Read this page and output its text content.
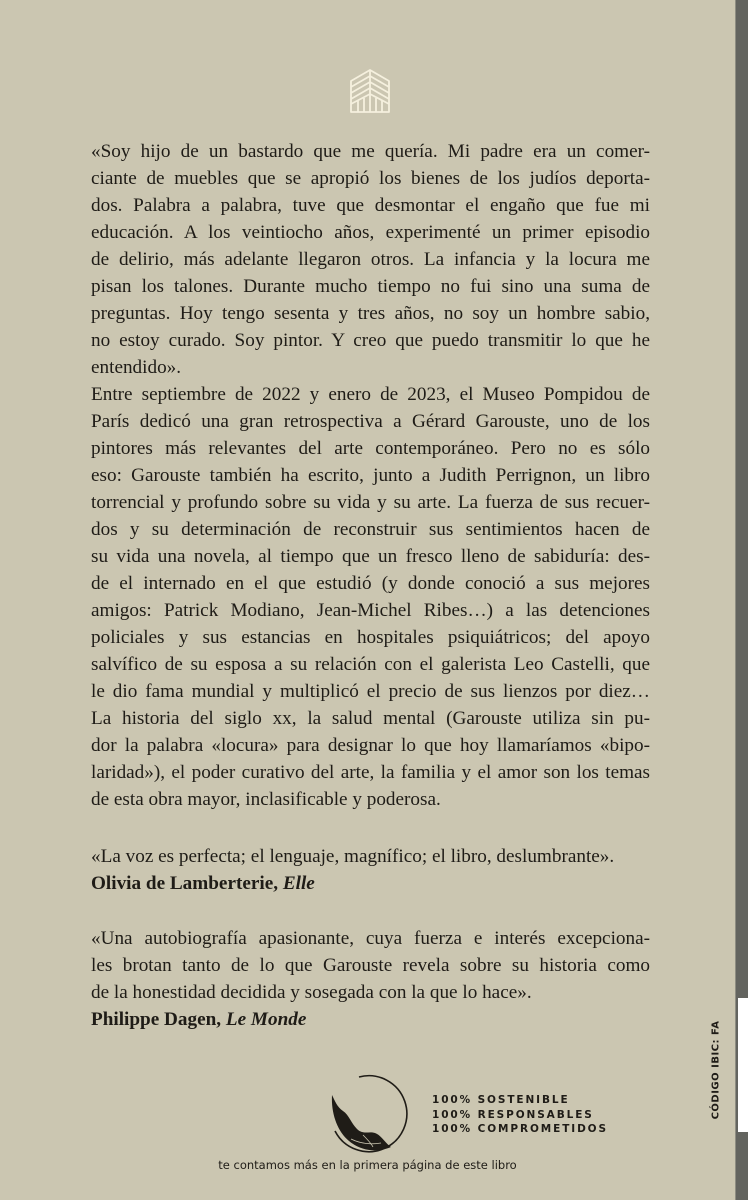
«Soy hijo de un bastardo que me quería. Mi padre era un comer-
ciante de muebles que se apropió los bienes de los judíos deporta-
dos. Palabra a palabra, tuve que desmontar el engaño que fue mi
educación. A los veintiocho años, experimenté un primer episodio
de delirio, más adelante llegaron otros. La infancia y la locura me
pisan los talones. Durante mucho tiempo no fui sino una suma de
preguntas. Hoy tengo sesenta y tres años, no soy un hombre sabio,
no estoy curado. Soy pintor. Y creo que puedo transmitir lo que he
entendido».
Entre septiembre de 2022 y enero de 2023, el Museo Pompidou de
París dedicó una gran retrospectiva a Gérard Garouste, uno de los
pintores más relevantes del arte contemporáneo. Pero no es sólo
eso: Garouste también ha escrito, junto a Judith Perrignon, un libro
torrencial y profundo sobre su vida y su arte. La fuerza de sus recuer-
dos y su determinación de reconstruir sus sentimientos hacen de
su vida una novela, al tiempo que un fresco lleno de sabiduría: des-
de el internado en el que estudió (y donde conoció a sus mejores
amigos: Patrick Modiano, Jean-Michel Ribes…) a las detenciones
policiales y sus estancias en hospitales psiquiátricos; del apoyo
salvífico de su esposa a su relación con el galerista Leo Castelli, que
le dio fama mundial y multiplicó el precio de sus lienzos por diez…
La historia del siglo xx, la salud mental (Garouste utiliza sin pu-
dor la palabra «locura» para designar lo que hoy llamaríamos «bipo-
laridad»), el poder curativo del arte, la familia y el amor son los temas
de esta obra mayor, inclasificable y poderosa.
«La voz es perfecta; el lenguaje, magnífico; el libro, deslumbrante».
Olivia de Lamberterie, Elle
«Una autobiografía apasionante, cuya fuerza e interés excepciona-
les brotan tanto de lo que Garouste revela sobre su historia como
de la honestidad decidida y sosegada con la que lo hace».
Philippe Dagen, Le Monde
CÓDIGO IBIC: FA
100% SOSTENIBLE
100% RESPONSABLES
100% COMPROMETIDOS
te contamos más en la primera página de este libro
